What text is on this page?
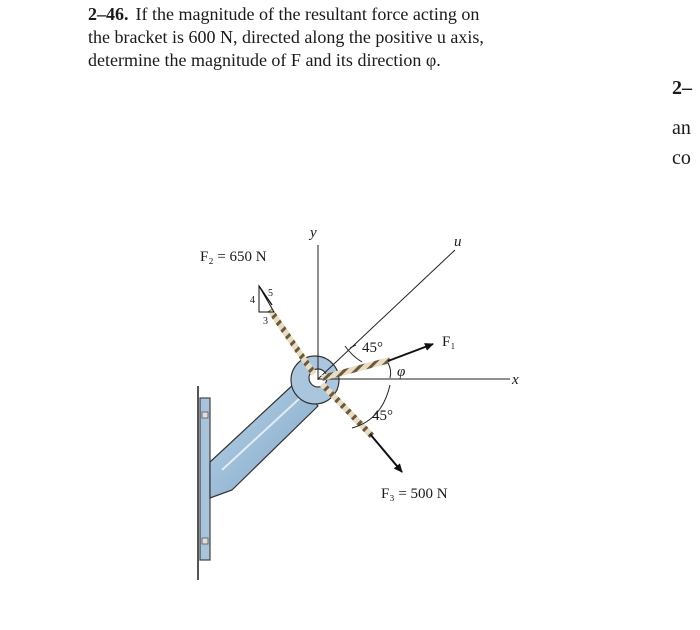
2–46. If the magnitude of the resultant force acting on
the bracket is 600 N, directed along the positive u axis,
determine the magnitude of F and its direction φ.
2–
an
co
y
x
u
F₁
F₃ = 500 N
F₂ = 650 N
4
5
3
45°
φ
45°
